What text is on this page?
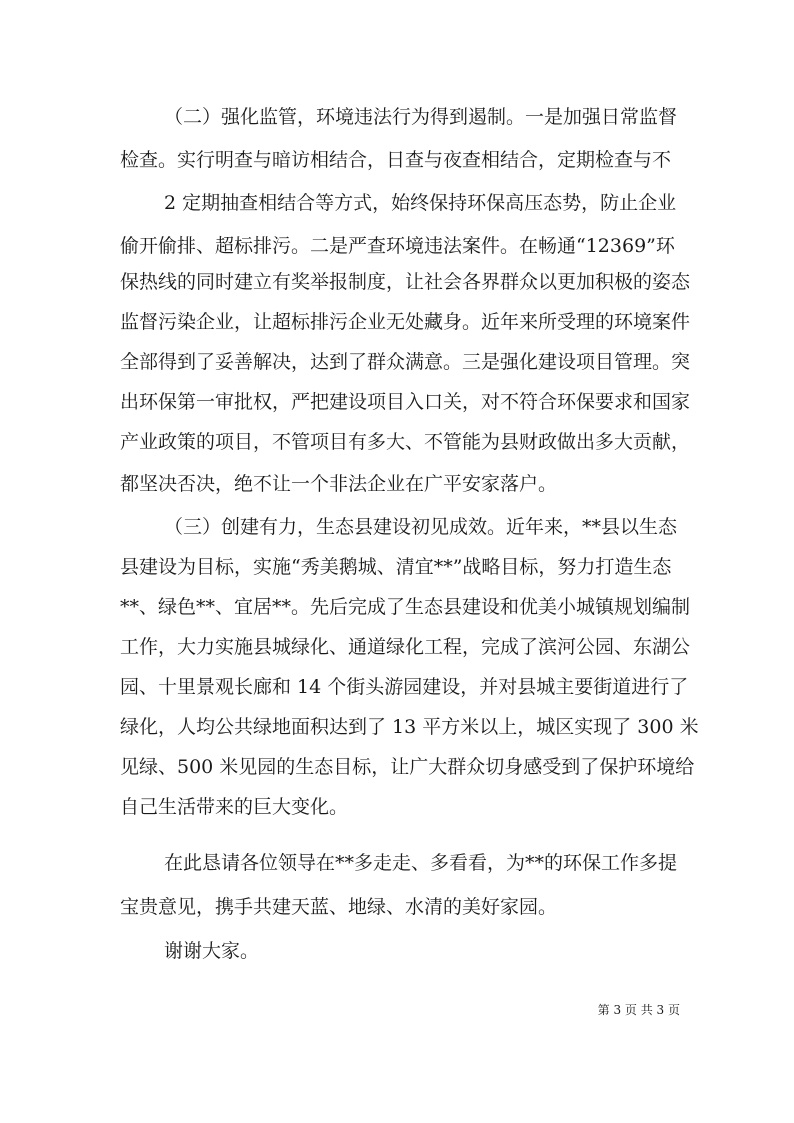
（二）强化监管，环境违法行为得到遏制。一是加强日常监督
检查。实行明查与暗访相结合，日查与夜查相结合，定期检查与不
2 定期抽查相结合等方式，始终保持环保高压态势，防止企业
偷开偷排、超标排污。二是严查环境违法案件。在畅通“12369”环
保热线的同时建立有奖举报制度，让社会各界群众以更加积极的姿态
监督污染企业，让超标排污企业无处藏身。近年来所受理的环境案件
全部得到了妥善解决，达到了群众满意。三是强化建设项目管理。突
出环保第一审批权，严把建设项目入口关，对不符合环保要求和国家
产业政策的项目，不管项目有多大、不管能为县财政做出多大贡献，
都坚决否决，绝不让一个非法企业在广平安家落户。
（三）创建有力，生态县建设初见成效。近年来，**县以生态
县建设为目标，实施“秀美鹅城、清宜**”战略目标，努力打造生态
**、绿色**、宜居**。先后完成了生态县建设和优美小城镇规划编制
工作，大力实施县城绿化、通道绿化工程，完成了滨河公园、东湖公
园、十里景观长廊和 14 个街头游园建设，并对县城主要街道进行了
绿化，人均公共绿地面积达到了 13 平方米以上，城区实现了 300 米
见绿、500 米见园的生态目标，让广大群众切身感受到了保护环境给
自己生活带来的巨大变化。
在此恳请各位领导在**多走走、多看看，为**的环保工作多提
宝贵意见，携手共建天蓝、地绿、水清的美好家园。
谢谢大家。
第 3 页 共 3 页
